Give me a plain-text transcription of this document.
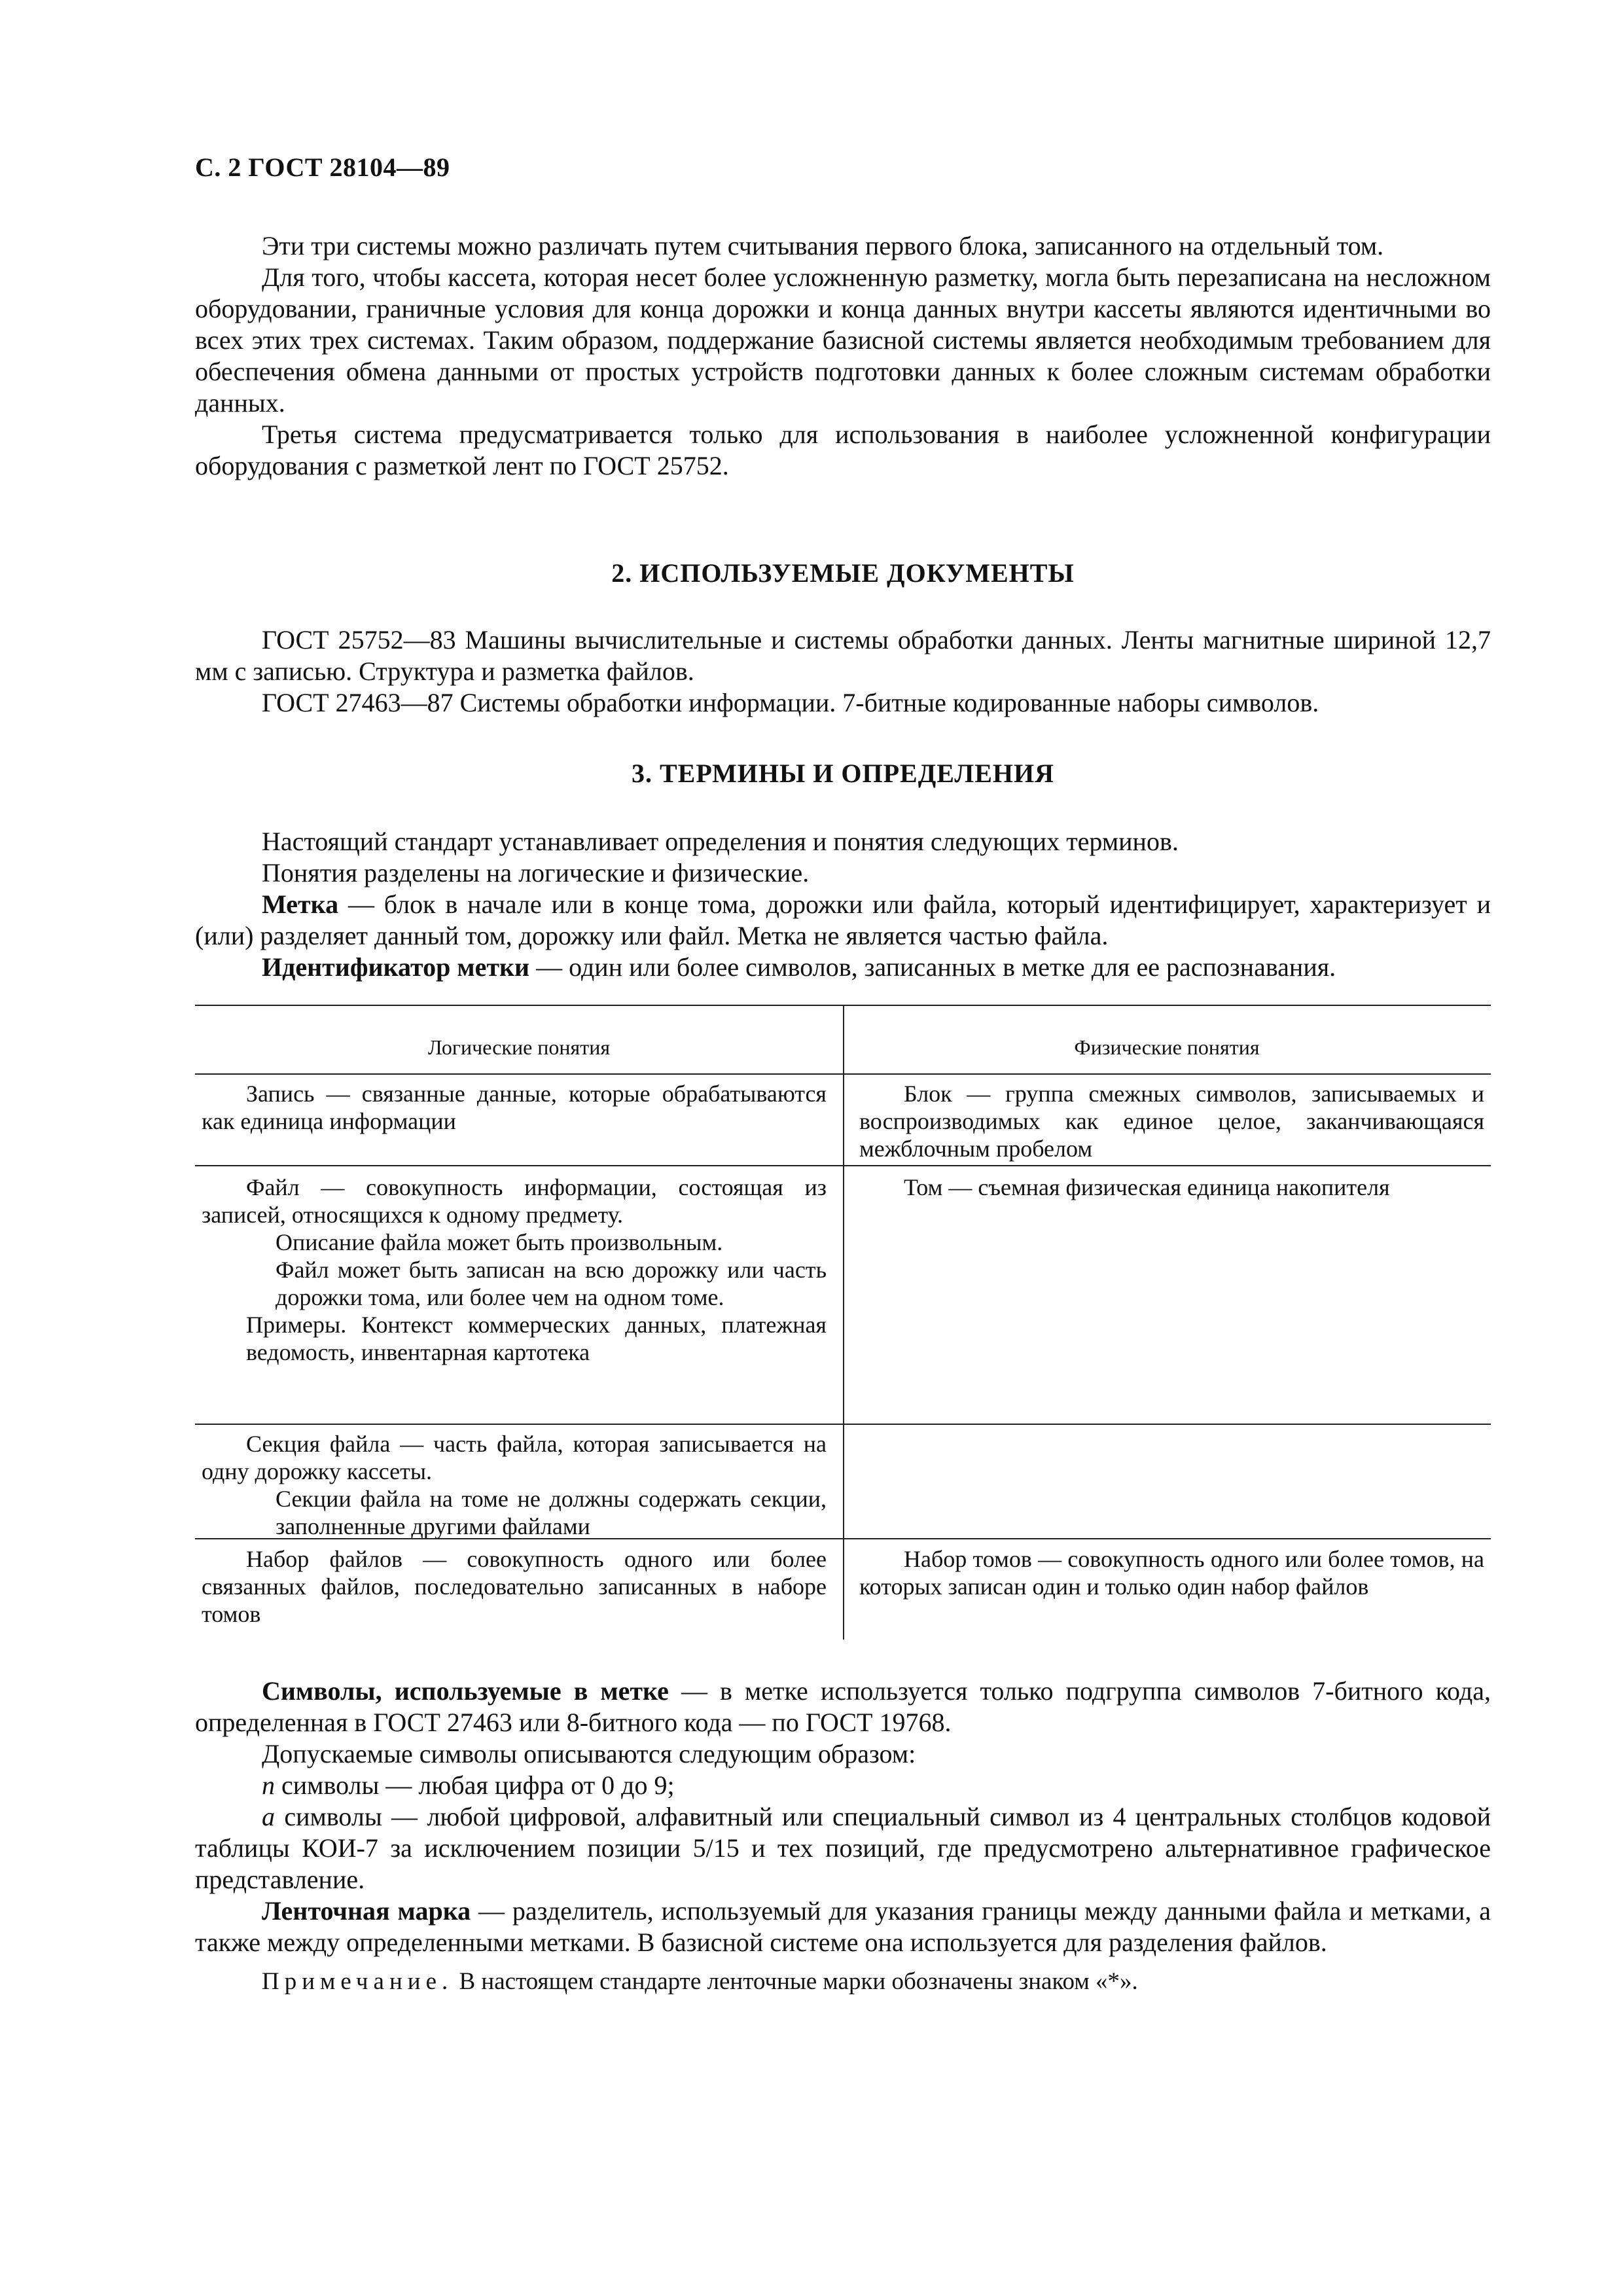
С. 2 ГОСТ 28104—89

Эти три системы можно различать путем считывания первого блока, записанного на отдельный том.

Для того, чтобы кассета, которая несет более усложненную разметку, могла быть перезаписана на несложном оборудовании, граничные условия для конца дорожки и конца данных внутри кассеты являются идентичными во всех этих трех системах. Таким образом, поддержание базисной системы является необходимым требованием для обеспечения обмена данными от простых устройств подготовки данных к более сложным системам обработки данных.

Третья система предусматривается только для использования в наиболее усложненной конфигурации оборудования с разметкой лент по ГОСТ 25752.

2. ИСПОЛЬЗУЕМЫЕ ДОКУМЕНТЫ

ГОСТ 25752—83 Машины вычислительные и системы обработки данных. Ленты магнитные шириной 12,7 мм с записью. Структура и разметка файлов.

ГОСТ 27463—87 Системы обработки информации. 7-битные кодированные наборы символов.

3. ТЕРМИНЫ И ОПРЕДЕЛЕНИЯ

Настоящий стандарт устанавливает определения и понятия следующих терминов.

Понятия разделены на логические и физические.

Метка — блок в начале или в конце тома, дорожки или файла, который идентифицирует, характеризует и (или) разделяет данный том, дорожку или файл. Метка не является частью файла.

Идентификатор метки — один или более символов, записанных в метке для ее распознавания.

Логические понятия	Физические понятия

Запись — связанные данные, которые обрабатываются как единица информации

Блок — группа смежных символов, записываемых и воспроизводимых как единое целое, заканчивающаяся межблочным пробелом

Файл — совокупность информации, состоящая из записей, относящихся к одному предмету.

Описание файла может быть произвольным.

Файл может быть записан на всю дорожку или часть дорожки тома, или более чем на одном томе.

Примеры. Контекст коммерческих данных, платежная ведомость, инвентарная картотека

Том — съемная физическая единица накопителя

Секция файла — часть файла, которая записывается на одну дорожку кассеты.

Секции файла на томе не должны содержать секции, заполненные другими файлами

Набор файлов — совокупность одного или более связанных файлов, последовательно записанных в наборе томов

Набор томов — совокупность одного или более томов, на которых записан один и только один набор файлов

Символы, используемые в метке — в метке используется только подгруппа символов 7-битного кода, определенная в ГОСТ 27463 или 8-битного кода — по ГОСТ 19768.

Допускаемые символы описываются следующим образом:

n символы — любая цифра от 0 до 9;

a символы — любой цифровой, алфавитный или специальный символ из 4 центральных столбцов кодовой таблицы КОИ-7 за исключением позиции 5/15 и тех позиций, где предусмотрено альтернативное графическое представление.

Ленточная марка — разделитель, используемый для указания границы между данными файла и метками, а также между определенными метками. В базисной системе она используется для разделения файлов.

Примечание. В настоящем стандарте ленточные марки обозначены знаком «*».
